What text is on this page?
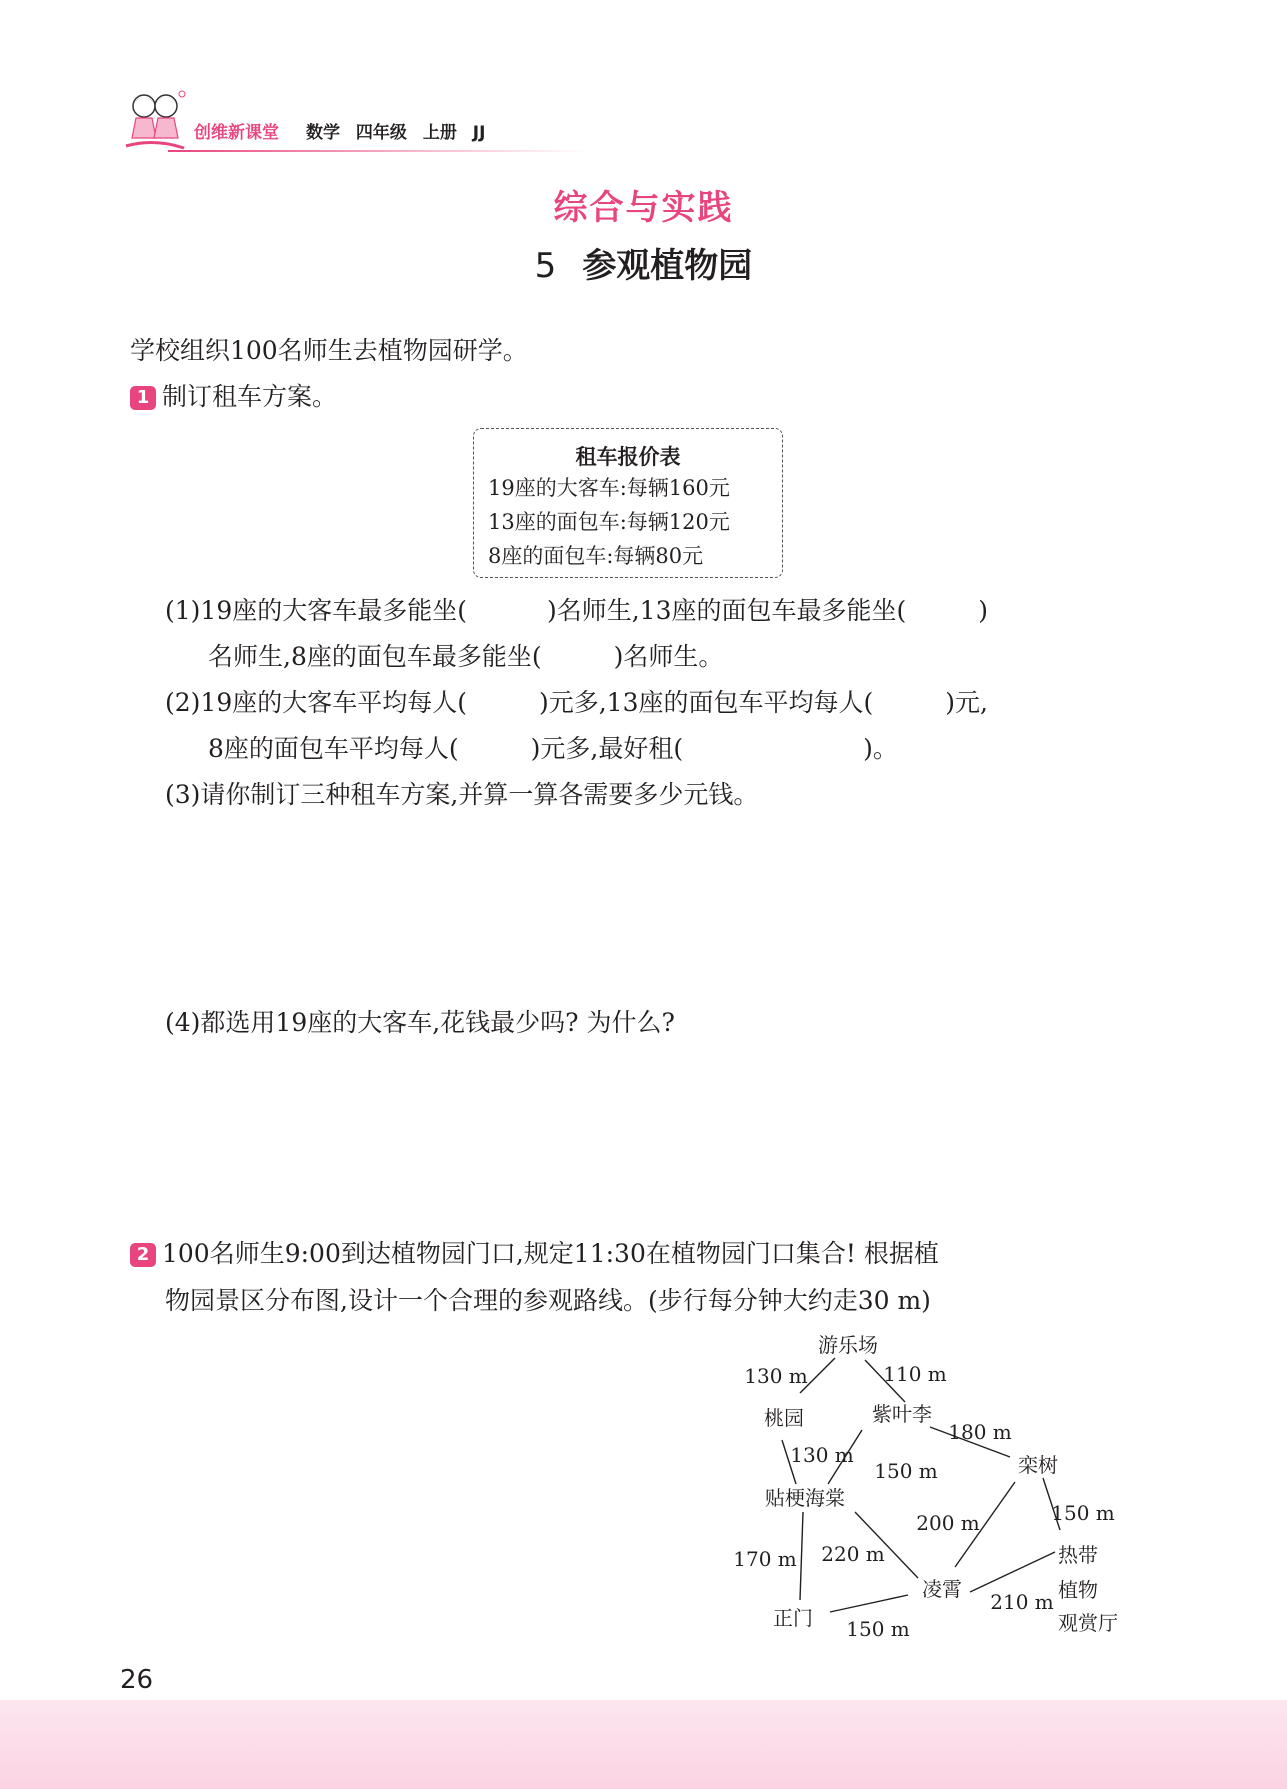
创维新课堂 数学 四年级 上册 JJ
综合与实践
5 参观植物园
学校组织100名师生去植物园研学。
1 制订租车方案。
租车报价表
19座的大客车:每辆160元
13座的面包车:每辆120元
8座的面包车:每辆80元
(1)19座的大客车最多能坐(	)名师生,13座的面包车最多能坐(	)
名师生,8座的面包车最多能坐(	)名师生。
(2)19座的大客车平均每人(	)元多,13座的面包车平均每人(	)元,
8座的面包车平均每人(	)元多,最好租(	)。
(3)请你制订三种租车方案,并算一算各需要多少元钱。
(4)都选用19座的大客车,花钱最少吗? 为什么?
2 100名师生9:00到达植物园门口,规定11:30在植物园门口集合! 根据植
物园景区分布图,设计一个合理的参观路线。(步行每分钟大约走30 m)
游乐场
桃园	紫叶李
栾树
贴梗海棠
热带
植物
观赏厅
凌霄
正门
130 m	110 m
180 m
130 m
150 m
150 m
200 m
170 m 220 m
210 m
150 m
26
